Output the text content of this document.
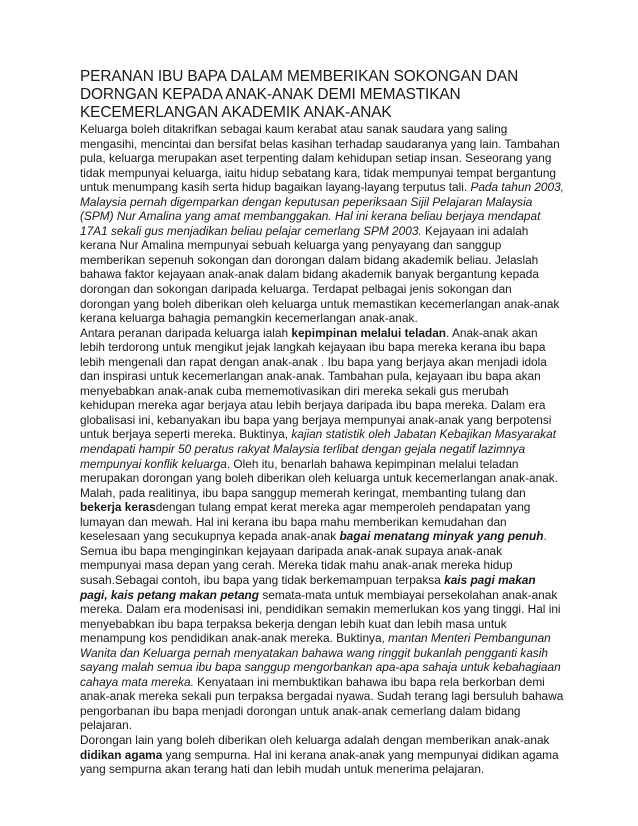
PERANAN IBU BAPA DALAM MEMBERIKAN SOKONGAN DAN DORNGAN KEPADA ANAK-ANAK DEMI MEMASTIKAN KECEMERLANGAN AKADEMIK ANAK-ANAK

Keluarga boleh ditakrifkan sebagai kaum kerabat atau sanak saudara yang saling mengasihi, mencintai dan bersifat belas kasihan terhadap saudaranya yang lain. Tambahan pula, keluarga merupakan aset terpenting dalam kehidupan setiap insan. Seseorang yang tidak mempunyai keluarga, iaitu hidup sebatang kara, tidak mempunyai tempat bergantung untuk menumpang kasih serta hidup bagaikan layang-layang terputus tali. Pada tahun 2003, Malaysia pernah digemparkan dengan keputusan peperiksaan Sijil Pelajaran Malaysia (SPM) Nur Amalina yang amat membanggakan. Hal ini kerana beliau berjaya mendapat 17A1 sekali gus menjadikan beliau pelajar cemerlang SPM 2003. Kejayaan ini adalah kerana Nur Amalina mempunyai sebuah keluarga yang penyayang dan sanggup memberikan sepenuh sokongan dan dorongan dalam bidang akademik beliau. Jelaslah bahawa faktor kejayaan anak-anak dalam bidang akademik banyak bergantung kepada dorongan dan sokongan daripada keluarga. Terdapat pelbagai jenis sokongan dan dorongan yang boleh diberikan oleh keluarga untuk memastikan kecemerlangan anak-anak kerana keluarga bahagia pemangkin kecemerlangan anak-anak.

Antara peranan daripada keluarga ialah kepimpinan melalui teladan. Anak-anak akan lebih terdorong untuk mengikut jejak langkah kejayaan ibu bapa mereka kerana ibu bapa lebih mengenali dan rapat dengan anak-anak . Ibu bapa yang berjaya akan menjadi idola dan inspirasi untuk kecemerlangan anak-anak. Tambahan pula, kejayaan ibu bapa akan menyebabkan anak-anak cuba mememotivasikan diri mereka sekali gus merubah kehidupan mereka agar berjaya atau lebih berjaya daripada ibu bapa mereka. Dalam era globalisasi ini, kebanyakan ibu bapa yang berjaya mempunyai anak-anak yang berpotensi untuk berjaya seperti mereka. Buktinya, kajian statistik oleh Jabatan Kebajikan Masyarakat mendapati hampir 50 peratus rakyat Malaysia terlibat dengan gejala negatif lazimnya mempunyai konflik keluarga. Oleh itu, benarlah bahawa kepimpinan melalui teladan merupakan dorongan yang boleh diberikan oleh keluarga untuk kecemerlangan anak-anak.

Malah, pada realitinya, ibu bapa sanggup memerah keringat, membanting tulang dan bekerja kerasdengan tulang empat kerat mereka agar memperoleh pendapatan yang lumayan dan mewah. Hal ini kerana ibu bapa mahu memberikan kemudahan dan keselesaan yang secukupnya kepada anak-anak bagai menatang minyak yang penuh. Semua ibu bapa menginginkan kejayaan daripada anak-anak supaya anak-anak mempunyai masa depan yang cerah. Mereka tidak mahu anak-anak mereka hidup susah.Sebagai contoh, ibu bapa yang tidak berkemampuan terpaksa kais pagi makan pagi, kais petang makan petang semata-mata untuk membiayai persekolahan anak-anak mereka. Dalam era modenisasi ini, pendidikan semakin memerlukan kos yang tinggi. Hal ini menyebabkan ibu bapa terpaksa bekerja dengan lebih kuat dan lebih masa untuk menampung kos pendidikan anak-anak mereka. Buktinya, mantan Menteri Pembangunan Wanita dan Keluarga pernah menyatakan bahawa wang ringgit bukanlah pengganti kasih sayang malah semua ibu bapa sanggup mengorbankan apa-apa sahaja untuk kebahagiaan cahaya mata mereka. Kenyataan ini membuktikan bahawa ibu bapa rela berkorban demi anak-anak mereka sekali pun terpaksa bergadai nyawa. Sudah terang lagi bersuluh bahawa pengorbanan ibu bapa menjadi dorongan untuk anak-anak cemerlang dalam bidang pelajaran.

Dorongan lain yang boleh diberikan oleh keluarga adalah dengan memberikan anak-anak didikan agama yang sempurna. Hal ini kerana anak-anak yang mempunyai didikan agama yang sempurna akan terang hati dan lebih mudah untuk menerima pelajaran.
